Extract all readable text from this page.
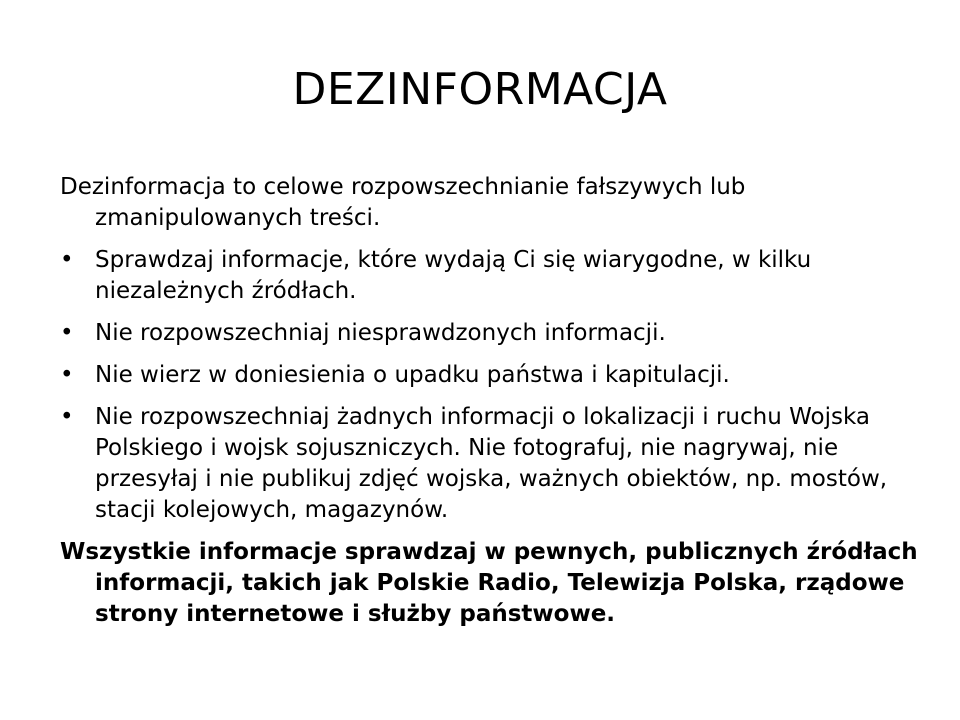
DEZINFORMACJA

Dezinformacja to celowe rozpowszechnianie fałszywych lub zmanipulowanych treści.

• Sprawdzaj informacje, które wydają Ci się wiarygodne, w kilku niezależnych źródłach.
• Nie rozpowszechniaj niesprawdzonych informacji.
• Nie wierz w doniesienia o upadku państwa i kapitulacji.
• Nie rozpowszechniaj żadnych informacji o lokalizacji i ruchu Wojska Polskiego i wojsk sojuszniczych. Nie fotografuj, nie nagrywaj, nie przesyłaj i nie publikuj zdjęć wojska, ważnych obiektów, np. mostów, stacji kolejowych, magazynów.

Wszystkie informacje sprawdzaj w pewnych, publicznych źródłach informacji, takich jak Polskie Radio, Telewizja Polska, rządowe strony internetowe i służby państwowe.
